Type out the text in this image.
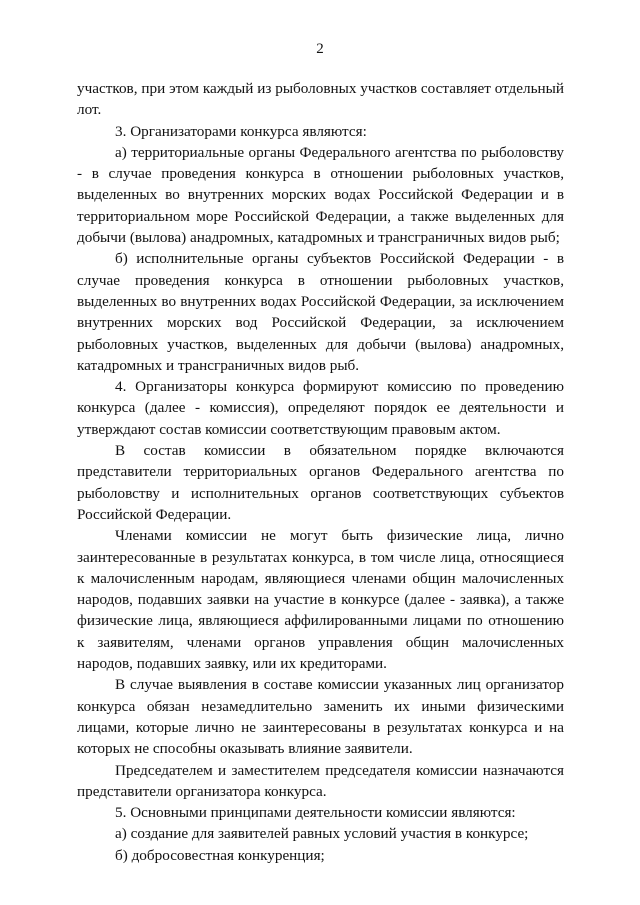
2

участков, при этом каждый из рыболовных участков составляет отдельный лот.

3. Организаторами конкурса являются:

а) территориальные органы Федерального агентства по рыболовству - в случае проведения конкурса в отношении рыболовных участков, выделенных во внутренних морских водах Российской Федерации и в территориальном море Российской Федерации, а также выделенных для добычи (вылова) анадромных, катадромных и трансграничных видов рыб;

б) исполнительные органы субъектов Российской Федерации - в случае проведения конкурса в отношении рыболовных участков, выделенных во внутренних водах Российской Федерации, за исключением внутренних морских вод Российской Федерации, за исключением рыболовных участков, выделенных для добычи (вылова) анадромных, катадромных и трансграничных видов рыб.

4. Организаторы конкурса формируют комиссию по проведению конкурса (далее - комиссия), определяют порядок ее деятельности и утверждают состав комиссии соответствующим правовым актом.

В состав комиссии в обязательном порядке включаются представители территориальных органов Федерального агентства по рыболовству и исполнительных органов соответствующих субъектов Российской Федерации.

Членами комиссии не могут быть физические лица, лично заинтересованные в результатах конкурса, в том числе лица, относящиеся к малочисленным народам, являющиеся членами общин малочисленных народов, подавших заявки на участие в конкурсе (далее - заявка), а также физические лица, являющиеся аффилированными лицами по отношению к заявителям, членами органов управления общин малочисленных народов, подавших заявку, или их кредиторами.

В случае выявления в составе комиссии указанных лиц организатор конкурса обязан незамедлительно заменить их иными физическими лицами, которые лично не заинтересованы в результатах конкурса и на которых не способны оказывать влияние заявители.

Председателем и заместителем председателя комиссии назначаются представители организатора конкурса.

5. Основными принципами деятельности комиссии являются:

а) создание для заявителей равных условий участия в конкурсе;

б) добросовестная конкуренция;
